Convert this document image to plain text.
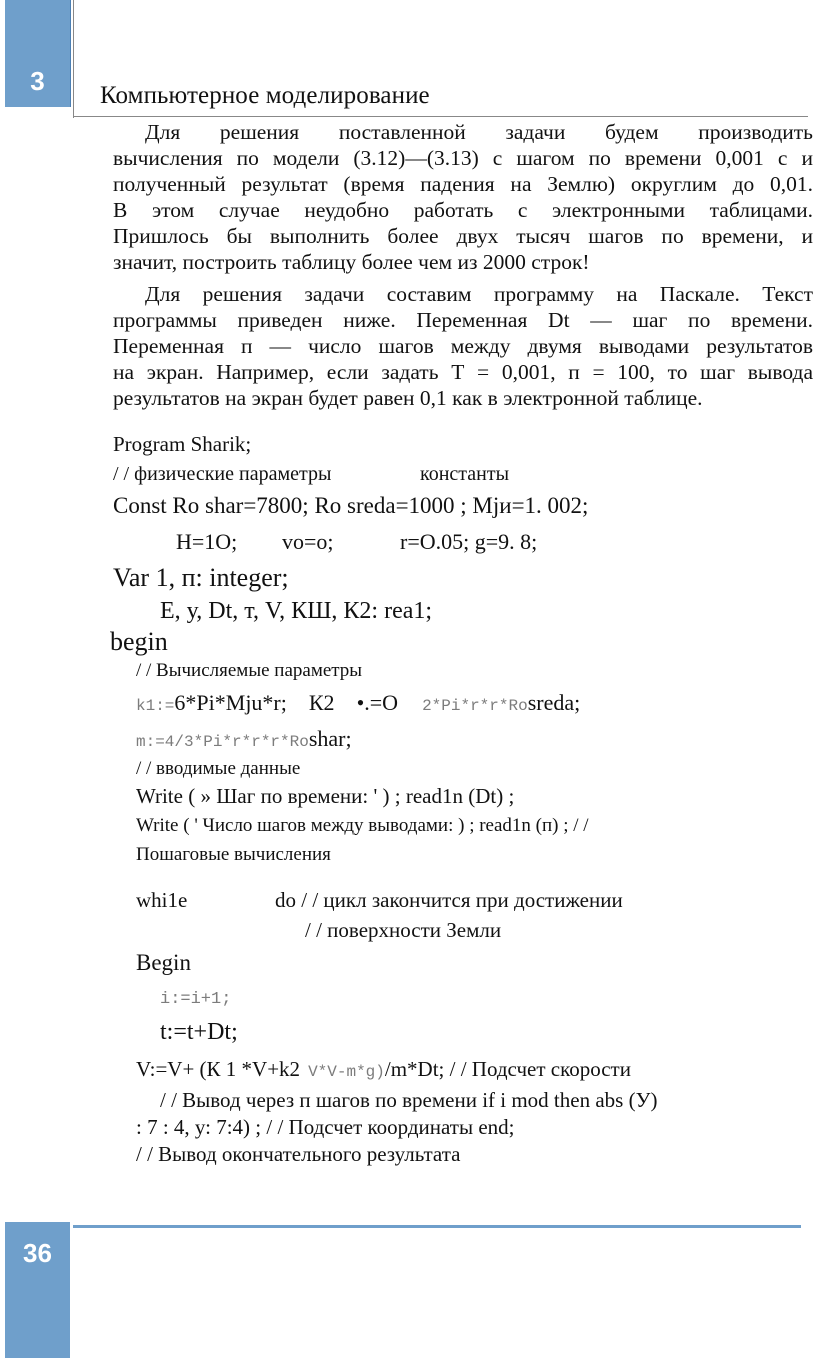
3	Компьютерное моделирование
Для решения поставленной задачи будем производить
вычисления по модели (3.12)—(3.13) с шагом по времени 0,001 с и
полученный результат (время падения на Землю) округлим до 0,01.
В этом случае неудобно работать с электронными таблицами.
Пришлось бы выполнить более двух тысяч шагов по времени, и
значит, построить таблицу более чем из 2000 строк!
Для решения задачи составим программу на Паскале. Текст
программы приведен ниже. Переменная Dt — шаг по времени.
Переменная п — число шагов между двумя выводами результатов
на экран. Например, если задать Т = 0,001, п = 100, то шаг вывода
результатов на экран будет равен 0,1 как в электронной таблице.
Program Sharik;
/ / физические параметры	константы
Const Ro shar=7800; Ro sreda=1000 ; Mjи=1. 002;
H=1O; vo=o;	r=O.05; g=9. 8;
Var 1, п: integer;
E, у, Dt, т, V, КШ, К2: rea1;
begin
/ / Вычисляемые параметры
k1:=6*Pi*Mju*r; К2 •.=O 2*Pi*r*r*Rosreda;
m:=4/3*Pi*r*r*r*Roshar;
/ / вводимые данные
Write ( » Шаг по времени: ' ) ; read1n (Dt) ;
Write ( ' Число шагов между выводами: ) ; read1n (п) ; / /
Пошаговые вычисления
whi1e	do / / цикл закончится при достижении
/ / поверхности Земли
Begin
i:=i+1;
t:=t+Dt;
V:=V+ (К 1 *V+k2 V*V-m*g)/m*Dt; / / Подсчет скорости
/ / Вывод через п шагов по времени if i mod then abs (У)
: 7 : 4, у: 7:4) ; / / Подсчет координаты end;
/ / Вывод окончательного результата
36
